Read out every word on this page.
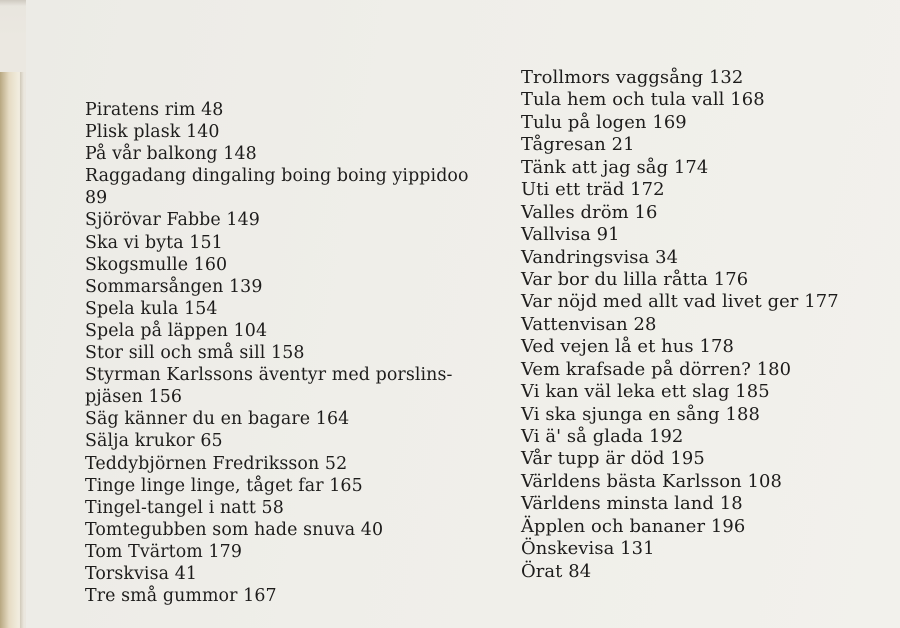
Piratens rim 48
Plisk plask 140
På vår balkong 148
Raggadang dingaling boing boing yippidoo
89
Sjörövar Fabbe 149
Ska vi byta 151
Skogsmulle 160
Sommarsången 139
Spela kula 154
Spela på läppen 104
Stor sill och små sill 158
Styrman Karlssons äventyr med porslins-
pjäsen 156
Säg känner du en bagare 164
Sälja krukor 65
Teddybjörnen Fredriksson 52
Tinge linge linge, tåget far 165
Tingel-tangel i natt 58
Tomtegubben som hade snuva 40
Tom Tvärtom 179
Torskvisa 41
Tre små gummor 167
Trollmors vaggsång 132
Tula hem och tula vall 168
Tulu på logen 169
Tågresan 21
Tänk att jag såg 174
Uti ett träd 172
Valles dröm 16
Vallvisa 91
Vandringsvisa 34
Var bor du lilla råtta 176
Var nöjd med allt vad livet ger 177
Vattenvisan 28
Ved vejen lå et hus 178
Vem krafsade på dörren? 180
Vi kan väl leka ett slag 185
Vi ska sjunga en sång 188
Vi ä' så glada 192
Vår tupp är död 195
Världens bästa Karlsson 108
Världens minsta land 18
Äpplen och bananer 196
Önskevisa 131
Örat 84
